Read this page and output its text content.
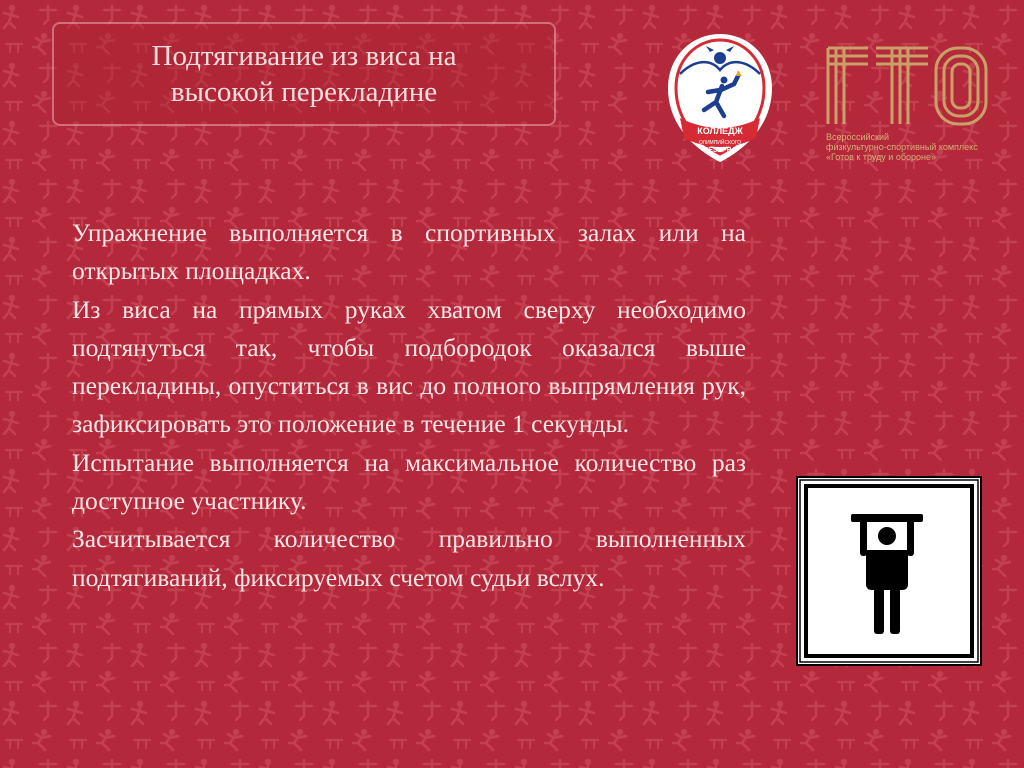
Подтягивание из виса на
высокой перекладине
КОЛЛЕДЖ
ОЛИМПИЙСКОГО
РЕЗЕРВА
Всероссийский
физкультурно-спортивный комплекс
«Готов к труду и обороне»

Упражнение выполняется в спортивных залах или на открытых площадках.

Из виса на прямых руках хватом сверху необходимо подтянуться так, чтобы подбородок оказался выше перекладины, опуститься в вис до полного выпрямления рук, зафиксировать это положение в течение 1 секунды.

Испытание выполняется на максимальное количество раз доступное участнику.

Засчитывается количество правильно выполненных подтягиваний, фиксируемых счетом судьи вслух.
